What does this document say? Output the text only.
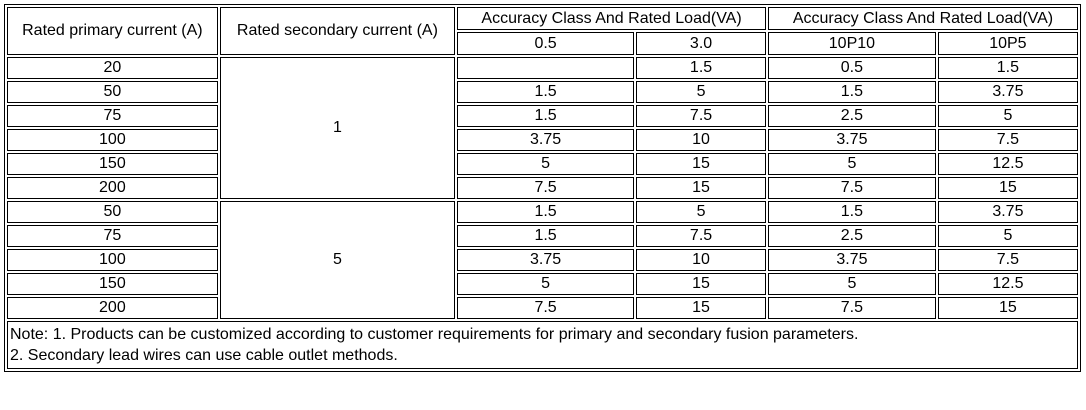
Rated primary current (A)	Rated secondary current (A)	Accuracy Class And Rated Load(VA)		Accuracy Class And Rated Load(VA)	
		0.5	3.0	10P10	10P5
20	1		1.5	0.5	1.5
50		1.5	5	1.5	3.75
75		1.5	7.5	2.5	5
100		3.75	10	3.75	7.5
150		5	15	5	12.5
200		7.5	15	7.5	15
50	5	1.5	5	1.5	3.75
75		1.5	7.5	2.5	5
100		3.75	10	3.75	7.5
150		5	15	5	12.5
200		7.5	15	7.5	15

Note: 1. Products can be customized according to customer requirements for primary and secondary fusion parameters.
2. Secondary lead wires can use cable outlet methods.					
